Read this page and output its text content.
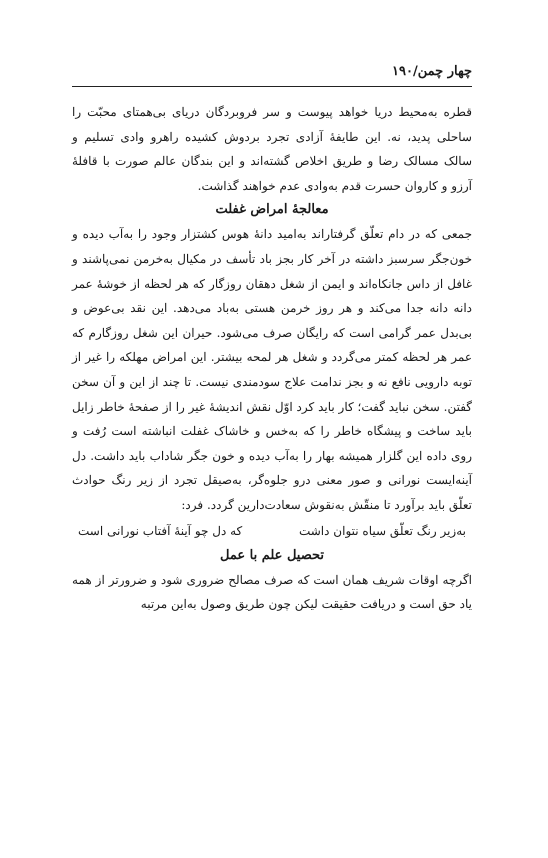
چهار چمن/۱۹۰

قطره به‌محیط دریا خواهد پیوست و سر فروبردگان دریای بی‌همتای محبّت را ساحلی پدید، نه. این طایفهٔ آزادی تجرد بردوش کشیده راهرو وادی تسلیم و سالک مسالک رضا و طریق اخلاص گشته‌اند و این بندگان عالم صورت با قافلهٔ آرزو و کاروان حسرت قدم به‌وادی عدم خواهند گذاشت.

معالجهٔ امراض غفلت

جمعی که در دام تعلّق گرفتاراند به‌امید دانهٔ هوس کشتزار وجود را به‌آب دیده و خون‌جگر سرسبز داشته در آخر کار بجز باد تأسف در مکیال به‌خرمن نمی‌پاشند و غافل از داس جانکاه‌اند و ایمن از شغل دهقان روزگار که هر لحظه از خوشهٔ عمر دانه دانه جدا می‌کند و هر روز خرمن هستی به‌باد می‌دهد. این نقد بی‌عوض و بی‌بدل عمر گرامی است که رایگان صرف می‌شود. حیران این شغل روزگارم که عمر هر لحظه کمتر می‌گردد و شغل هر لمحه بیشتر. این امراض مهلکه را غیر از توبه دارویی نافع نه و بجز ندامت علاج سودمندی نیست. تا چند از این و آن سخن گفتن. سخن نباید گفت؛ کار باید کرد اوّل نقش اندیشهٔ غیر را از صفحهٔ خاطر زایل باید ساخت و پیشگاه خاطر را که به‌خس و خاشاک غفلت انباشته است رُفت و روی داده این گلزار همیشه بهار را به‌آب دیده و خون جگر شاداب باید داشت. دل آینه‌ایست نورانی و صور معنی درو جلوه‌گر، به‌صیقل تجرد از زیر رنگ حوادث تعلّق باید برآورد تا منقّش به‌نقوش سعادت‌دارین گردد. فرد:

به‌زیر رنگ تعلّق سیاه نتوان داشت
که دل چو آینهٔ آفتاب نورانی است
تحصیل علم با عمل

اگرچه اوقات شریف همان است که صرف مصالح ضروری شود و ضرورتر از همه یاد حق است و دریافت حقیقت لیکن چون طریق وصول به‌این مرتبه
